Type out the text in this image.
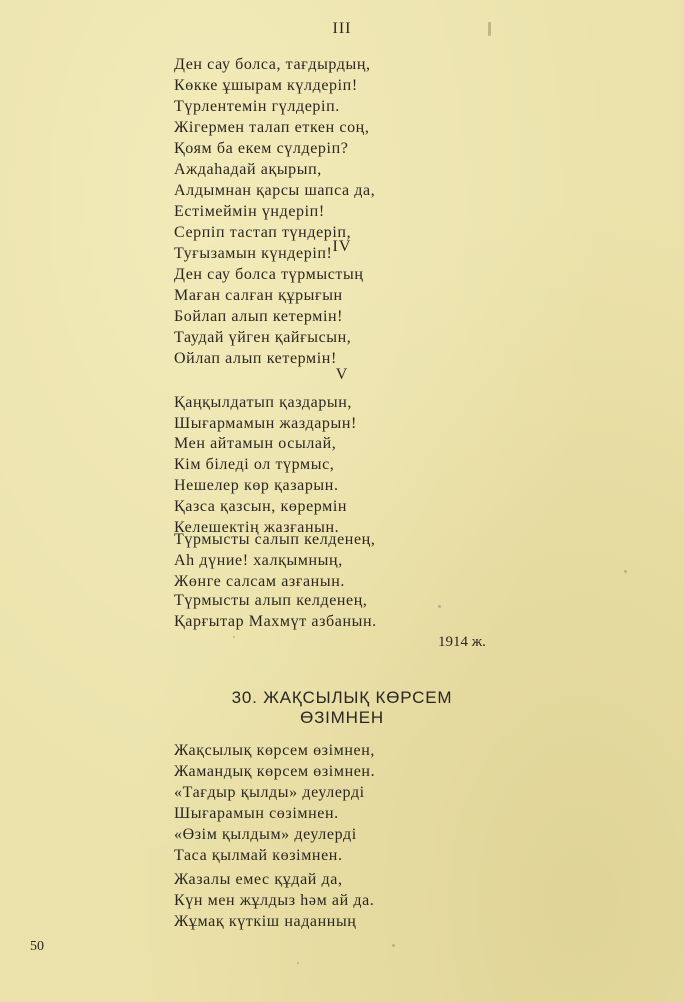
III
Ден сау болса, тағдырдың,
Көкке ұшырам күлдеріп!
Түрлентемін гүлдеріп.
Жігермен талап еткен соң,
Қоям ба екем сүлдеріп?
Аждаһадай ақырып,
Алдымнан қарсы шапса да,
Естімеймін үндеріп!
Серпіп тастап түндеріп,
Туғызамын күндеріп! IV
Ден сау болса түрмыстың
Маған салған құрығын
Бойлап алып кетермін!
Таудай үйген қайғысын,
Ойлап алып кетермін!
V
Қаңқылдатып қаздарын,
Шығармамын жаздарын!
Мен айтамын осылай,
Кім біледі ол түрмыс,
Нешелер көр қазарын.
Қазса қазсын, көрермін
Келешектің жазғанын.
Түрмысты салып келденең,
Аһ дүние! халқымның,
Жөнге салсам азғанын.
Түрмысты алып келденең,
Қарғытар Махмүт азбанын.
1914 ж.
30. ЖАҚСЫЛЫҚ КӨРСЕМ
ӨЗІМНЕН
Жақсылық көрсем өзімнен,
Жамандық көрсем өзімнен.
«Тағдыр қылды» деулерді
Шығарамын сөзімнен.
«Өзім қылдым» деулерді
Таса қылмай көзімнен.
Жазалы емес құдай да,
Күн мен жұлдыз һәм ай да.
Жұмақ күткіш наданның
50
